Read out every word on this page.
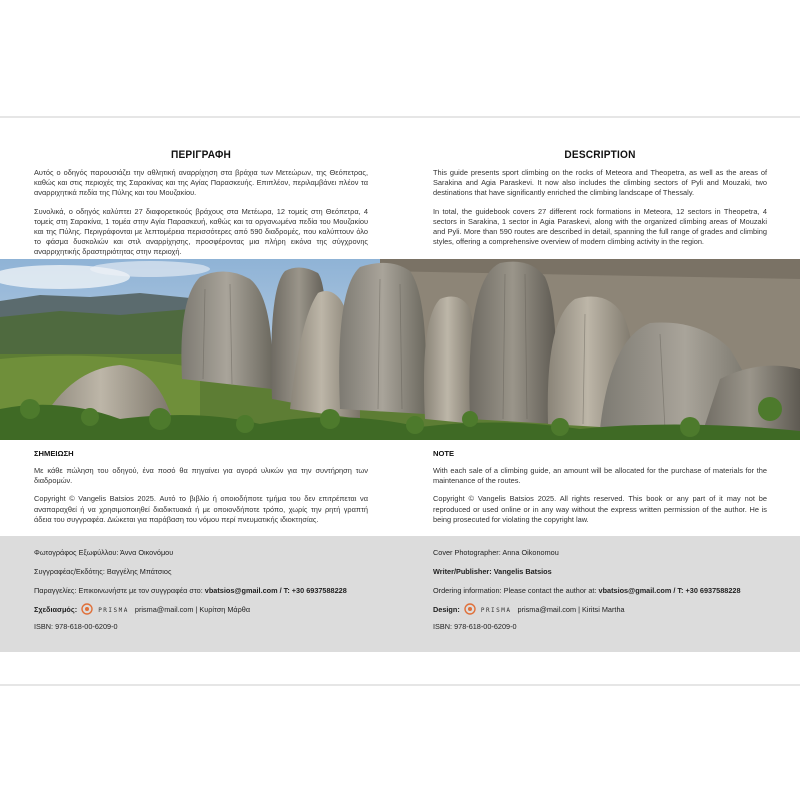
ΠΕΡΙΓΡΑΦΗ

Αυτός ο οδηγός παρουσιάζει την αθλητική αναρρίχηση στα βράχια των Μετεώρων, της Θεόπετρας, καθώς και στις περιοχές της Σαρακίνας και της Αγίας Παρασκευής. Επιπλέον, περιλαμβάνει πλέον τα αναρριχητικά πεδία της Πύλης και του Μουζακίου.

Συνολικά, ο οδηγός καλύπτει 27 διαφορετικούς βράχους στα Μετέωρα, 12 τομείς στη Θεόπετρα, 4 τομείς στη Σαρακίνα, 1 τομέα στην Αγία Παρασκευή, καθώς και τα οργανωμένα πεδία του Μουζακίου και της Πύλης. Περιγράφονται με λεπτομέρεια περισσότερες από 590 διαδρομές, που καλύπτουν όλο το φάσμα δυσκολιών και στιλ αναρρίχησης, προσφέροντας μια πλήρη εικόνα της σύγχρονης αναρριχητικής δραστηριότητας στην περιοχή.

DESCRIPTION

This guide presents sport climbing on the rocks of Meteora and Theopetra, as well as the areas of Sarakina and Agia Paraskevi. It now also includes the climbing sectors of Pyli and Mouzaki, two destinations that have significantly enriched the climbing landscape of Thessaly.

In total, the guidebook covers 27 different rock formations in Meteora, 12 sectors in Theopetra, 4 sectors in Sarakina, 1 sector in Agia Paraskevi, along with the organized climbing areas of Mouzaki and Pyli. More than 590 routes are described in detail, spanning the full range of grades and climbing styles, offering a comprehensive overview of modern climbing activity in the region.

ΣΗΜΕΙΩΣΗ

Με κάθε πώληση του οδηγού, ένα ποσό θα πηγαίνει για αγορά υλικών για την συντήρηση των διαδρομών.

Copyright © Vangelis Batsios 2025. Αυτό το βιβλίο ή οποιοδήποτε τμήμα του δεν επιτρέπεται να αναπαραχθεί ή να χρησιμοποιηθεί διαδικτυακά ή με οποιονδήποτε τρόπο, χωρίς την ρητή γραπτή άδεια του συγγραφέα. Διώκεται για παράβαση του νόμου περί πνευματικής ιδιοκτησίας.

NOTE

With each sale of a climbing guide, an amount will be allocated for the purchase of materials for the maintenance of the routes.

Copyright © Vangelis Batsios 2025. All rights reserved. This book or any part of it may not be reproduced or used online or in any way without the express written permission of the author. He is being prosecuted for violating the copyright law.

Φωτογράφος Εξωφύλλου: Άννα Οικονόμου
Συγγραφέας/Εκδότης: Βαγγέλης Μπάτσιος
Παραγγελίες: Επικοινωνήστε με τον συγγραφέα στο: vbatsios@gmail.com / T: +30 6937588228
Σχεδιασμός:	PRISMA prisma@mail.com | Κυρίτση Μάρθα
ISBN: 978-618-00-6209-0
Cover Photographer: Anna Oikonomou
Writer/Publisher: Vangelis Batsios
Ordering information: Please contact the author at: vbatsios@gmail.com / T: +30 6937588228
Design:	PRISMA prisma@mail.com | Kiritsi Martha
ISBN: 978-618-00-6209-0
